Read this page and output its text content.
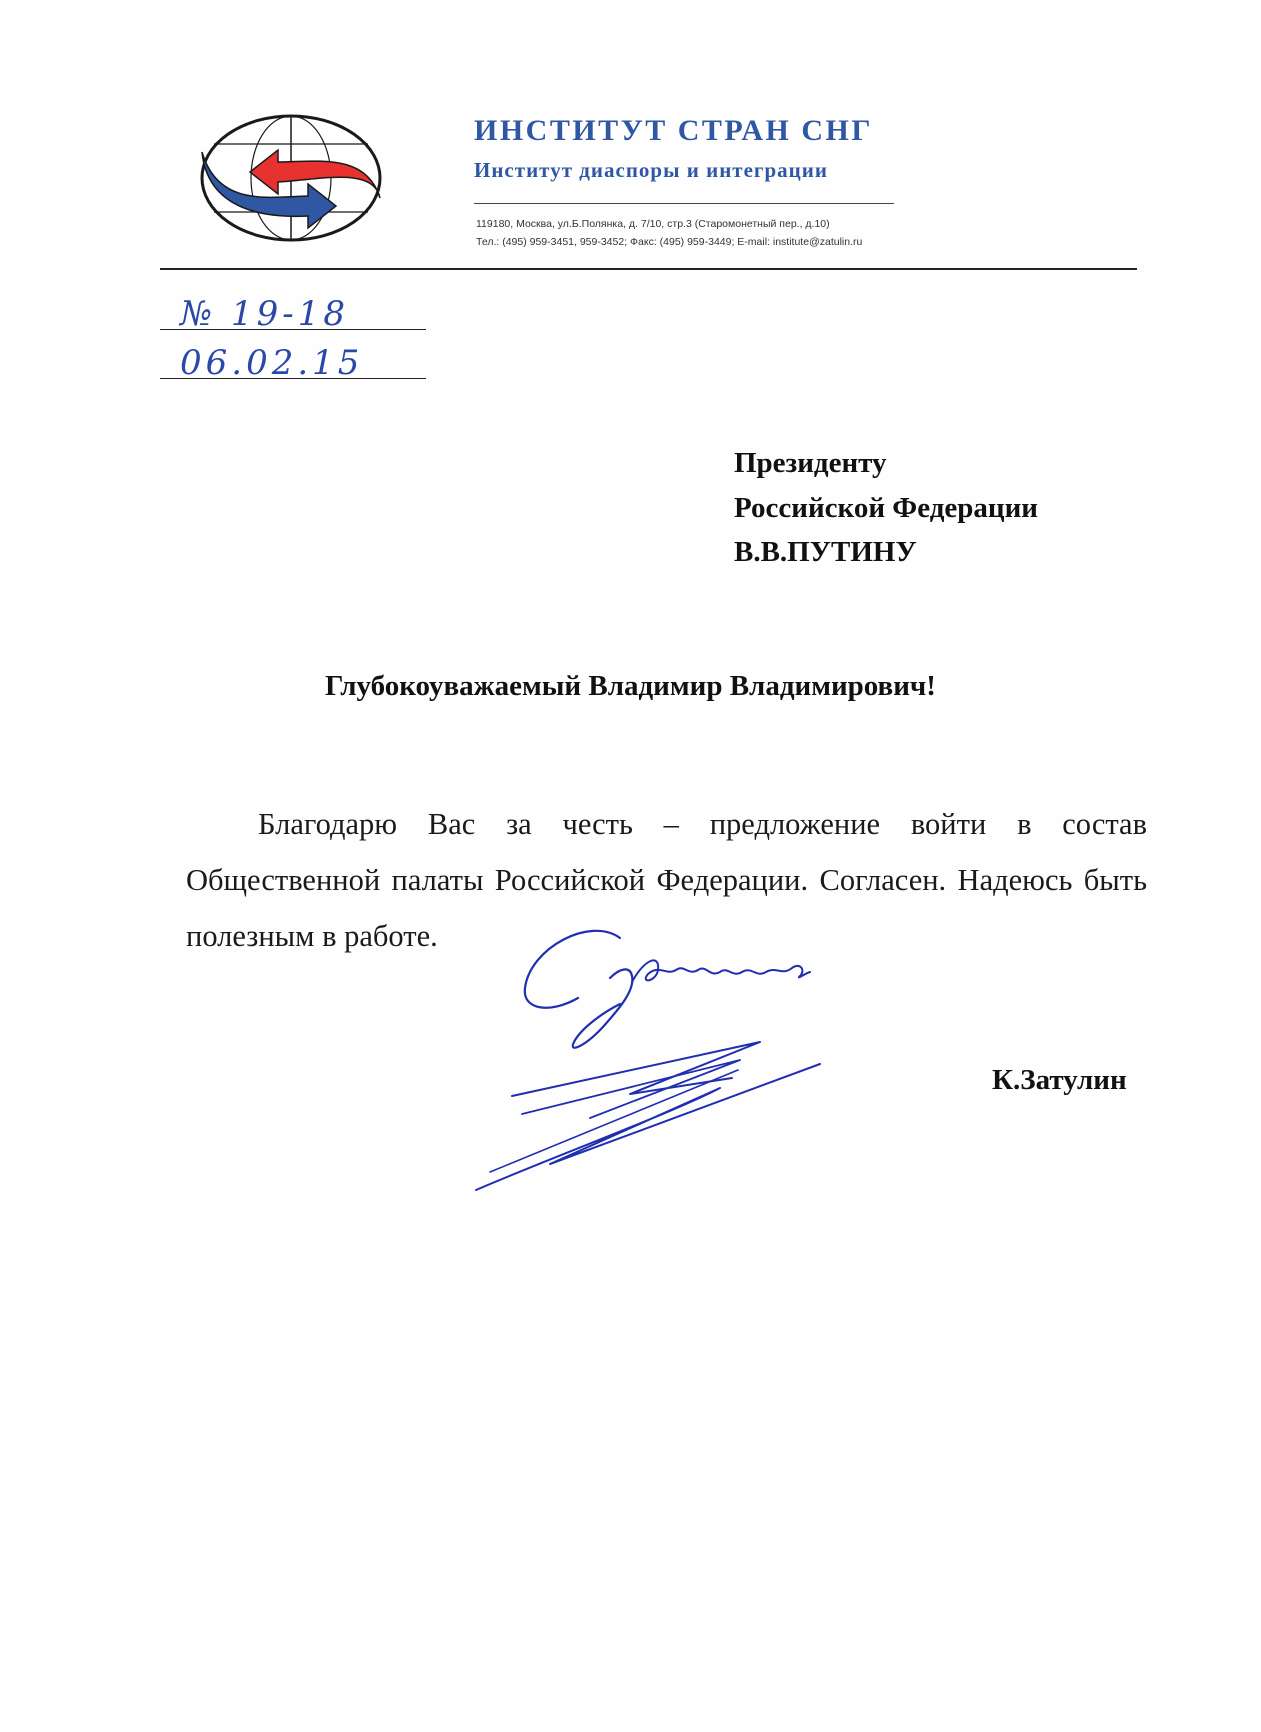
ИНСТИТУТ СТРАН СНГ
Институт диаспоры и интеграции
119180, Москва, ул.Б.Полянка, д. 7/10, стр.3 (Старомонетный пер., д.10)
Тел.: (495) 959-3451, 959-3452; Факс: (495) 959-3449; E-mail: institute@zatulin.ru
№ 19-18
06.02.15
Президенту
Российской Федерации
В.В.ПУТИНУ
Глубокоуважаемый Владимир Владимирович!
Благодарю Вас за честь – предложение войти в состав Общественной палаты Российской Федерации. Согласен. Надеюсь быть полезным в работе.
К.Затулин
